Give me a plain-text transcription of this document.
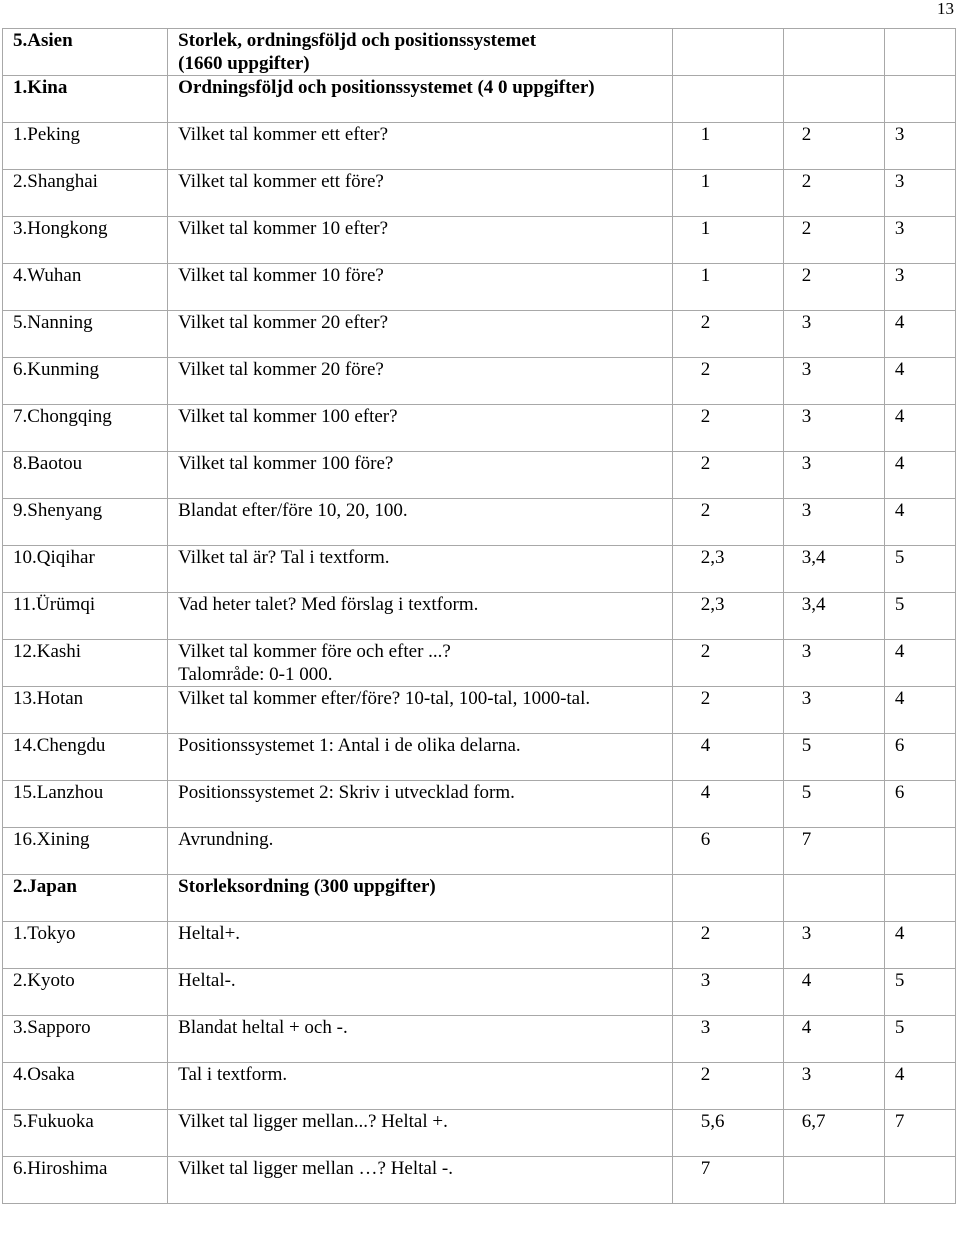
13
5.Asien	Storlek, ordningsföljd och positionssystemet
(1660 uppgifter)			

1.Kina	Ordningsföljd och positionssystemet (4 0 uppgifter)			

1.Peking	Vilket tal kommer ett efter?	1	2	3
2.Shanghai	Vilket tal kommer ett före?	1	2	3
3.Hongkong	Vilket tal kommer 10 efter?	1	2	3
4.Wuhan	Vilket tal kommer 10 före?	1	2	3
5.Nanning	Vilket tal kommer 20 efter?	2	3	4
6.Kunming	Vilket tal kommer 20 före?	2	3	4
7.Chongqing	Vilket tal kommer 100 efter?	2	3	4
8.Baotou	Vilket tal kommer 100 före?	2	3	4
9.Shenyang	Blandat efter/före 10, 20, 100.	2	3	4
10.Qiqihar	Vilket tal är? Tal i textform.	2,3	3,4	5
11.Ürümqi	Vad heter talet? Med förslag i textform.	2,3	3,4	5
12.Kashi	Vilket tal kommer före och efter ...?
Talområde: 0-1 000.	2	3	4
13.Hotan	Vilket tal kommer efter/före? 10-tal, 100-tal, 1000-tal.	2	3	4
14.Chengdu	Positionssystemet 1: Antal i de olika delarna.	4	5	6
15.Lanzhou	Positionssystemet 2: Skriv i utvecklad form.	4	5	6
16.Xining	Avrundning.	6	7	
2.Japan	Storleksordning (300 uppgifter)			

1.Tokyo	Heltal+.	2	3	4
2.Kyoto	Heltal-.	3	4	5
3.Sapporo	Blandat heltal + och -.	3	4	5
4.Osaka	Tal i textform.	2	3	4
5.Fukuoka	Vilket tal ligger mellan...? Heltal +.	5,6	6,7	7
6.Hiroshima	Vilket tal ligger mellan …? Heltal -.	7		
